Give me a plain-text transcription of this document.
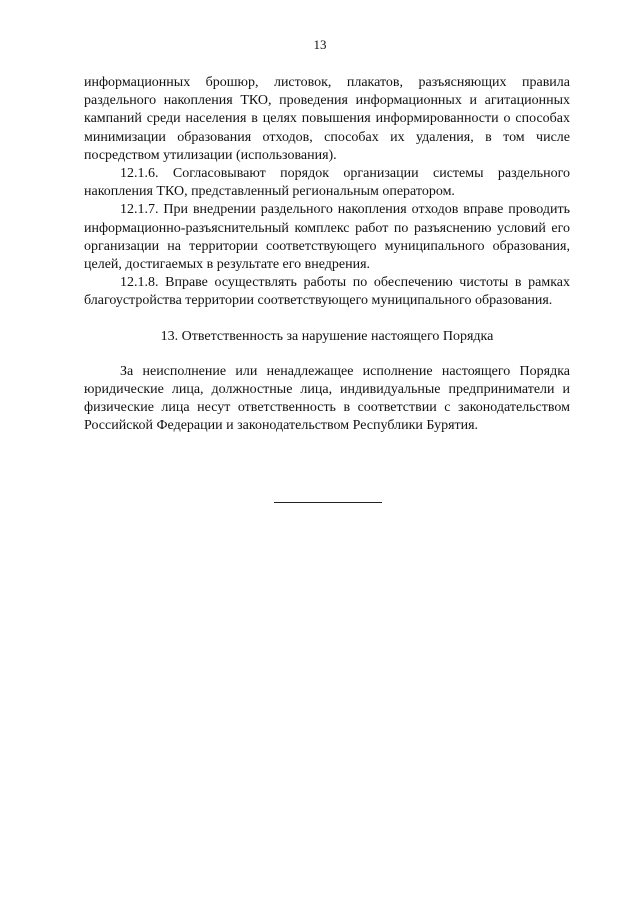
13

информационных брошюр, листовок, плакатов, разъясняющих правила раздельного накопления ТКО, проведения информационных и агитационных кампаний среди населения в целях повышения информированности о способах минимизации образования отходов, способах их удаления, в том числе посредством утилизации (использования).

12.1.6. Согласовывают порядок организации системы раздельного накопления ТКО, представленный региональным оператором.

12.1.7. При внедрении раздельного накопления отходов вправе проводить информационно-разъяснительный комплекс работ по разъяснению условий его организации на территории соответствующего муниципального образования, целей, достигаемых в результате его внедрения.

12.1.8. Вправе осуществлять работы по обеспечению чистоты в рамках благоустройства территории соответствующего муниципального образования.

13. Ответственность за нарушение настоящего Порядка

За неисполнение или ненадлежащее исполнение настоящего Порядка юридические лица, должностные лица, индивидуальные предприниматели и физические лица несут ответственность в соответствии с законодательством Российской Федерации и законодательством Республики Бурятия.
